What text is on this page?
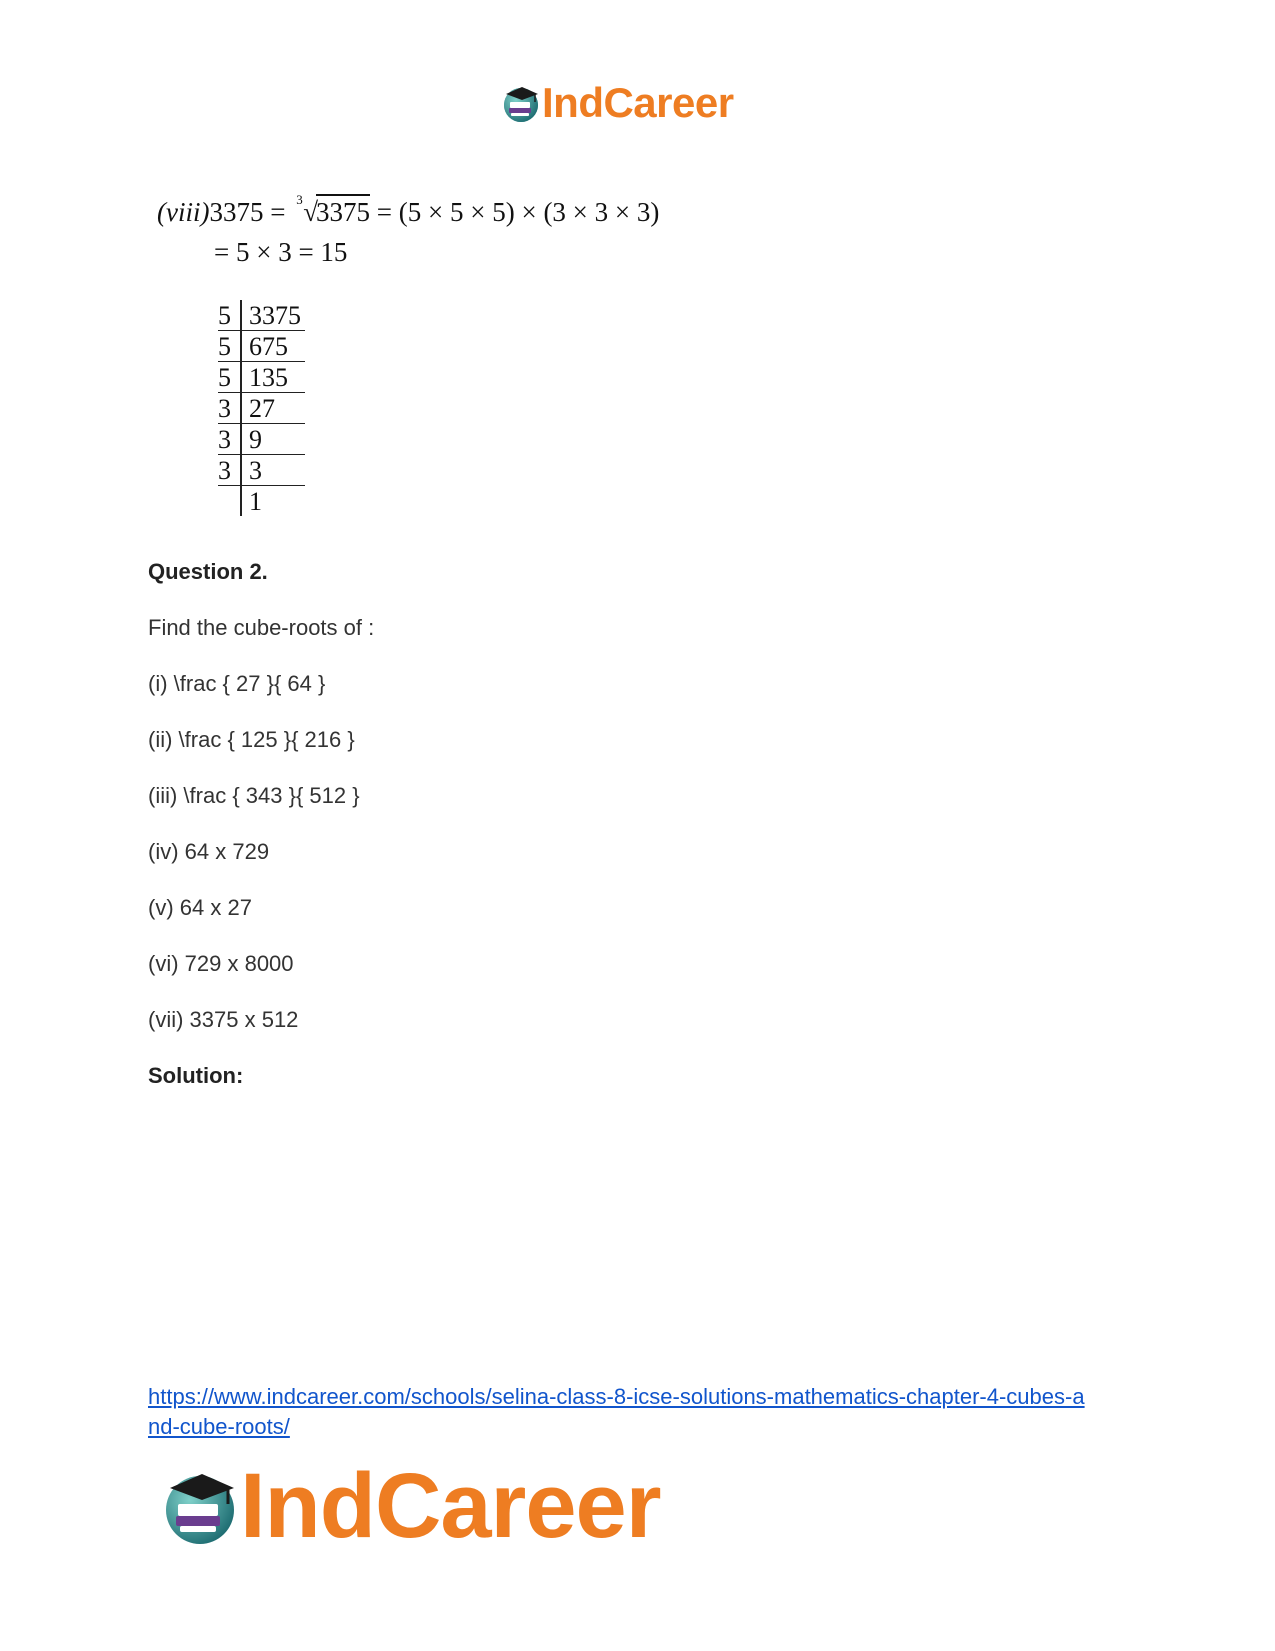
IndCareer
(viii)3375 = 3 √3375 = (5 × 5 × 5) × (3 × 3 × 3)
= 5 × 3 = 15
5	3375
5	675
5	135
3	27
3	9
3	3
	1
Question 2.
Find the cube-roots of :
(i) \frac { 27 }{ 64 }
(ii) \frac { 125 }{ 216 }
(iii) \frac { 343 }{ 512 }
(iv) 64 x 729
(v) 64 x 27
(vi) 729 x 8000
(vii) 3375 x 512
Solution:
https://www.indcareer.com/schools/selina-class-8-icse-solutions-mathematics-chapter-4-cubes-a
nd-cube-roots/
IndCareer
